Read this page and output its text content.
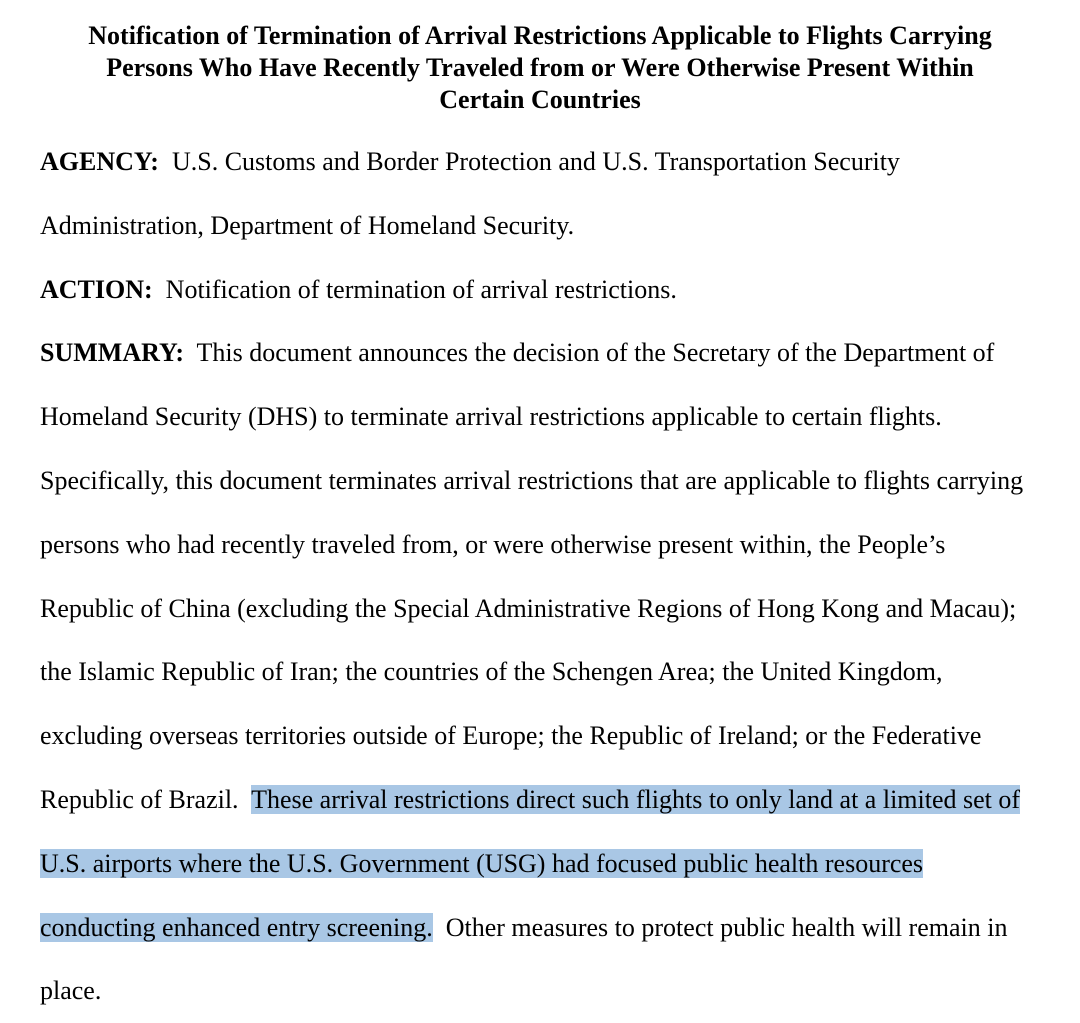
Notification of Termination of Arrival Restrictions Applicable to Flights Carrying
Persons Who Have Recently Traveled from or Were Otherwise Present Within
Certain Countries

AGENCY: U.S. Customs and Border Protection and U.S. Transportation Security Administration, Department of Homeland Security.

ACTION: Notification of termination of arrival restrictions.

SUMMARY: This document announces the decision of the Secretary of the Department of Homeland Security (DHS) to terminate arrival restrictions applicable to certain flights. Specifically, this document terminates arrival restrictions that are applicable to flights carrying persons who had recently traveled from, or were otherwise present within, the People’s Republic of China (excluding the Special Administrative Regions of Hong Kong and Macau); the Islamic Republic of Iran; the countries of the Schengen Area; the United Kingdom, excluding overseas territories outside of Europe; the Republic of Ireland; or the Federative Republic of Brazil. These arrival restrictions direct such flights to only land at a limited set of U.S. airports where the U.S. Government (USG) had focused public health resources conducting enhanced entry screening. Other measures to protect public health will remain in place.
